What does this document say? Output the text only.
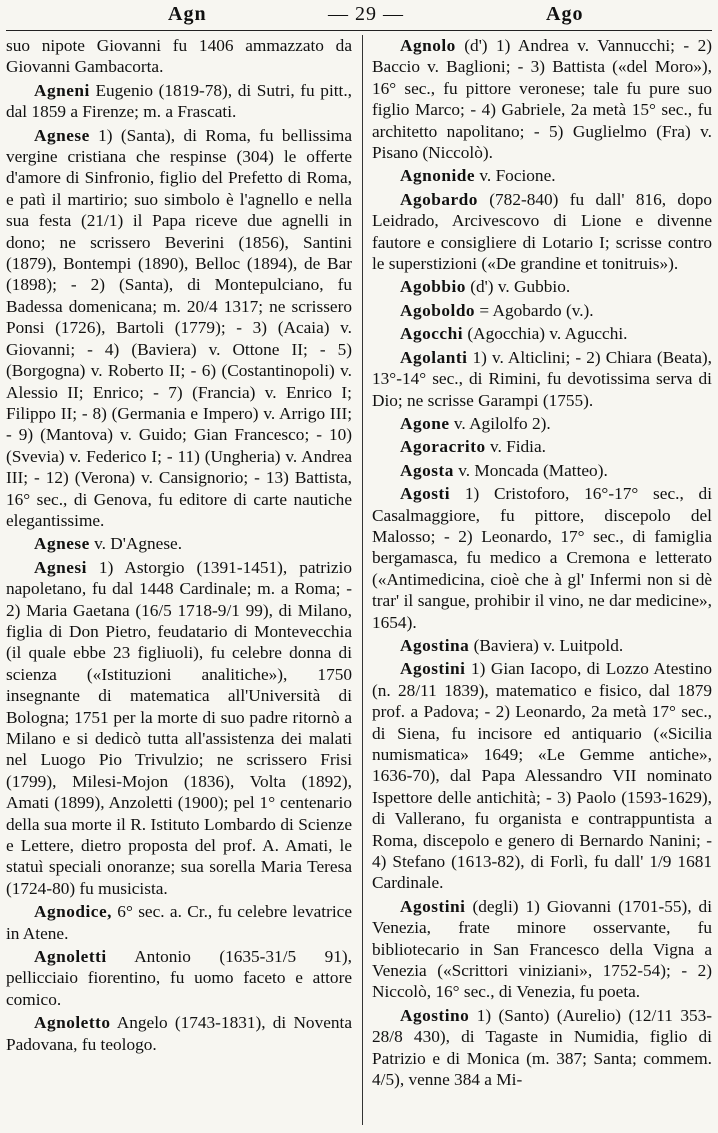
Agn	— 29 —	Ago

suo nipote Giovanni fu 1406 ammazzato da Giovanni Gambacorta.

Agneni Eugenio (1819-78), di Sutri, fu pitt., dal 1859 a Firenze; m. a Frascati.

Agnese 1) (Santa), di Roma, fu bellissima vergine cristiana che respinse (304) le offerte d'amore di Sinfronio, figlio del Prefetto di Roma, e patì il martirio; suo simbolo è l'agnello e nella sua festa (21/1) il Papa riceve due agnelli in dono; ne scrissero Beverini (1856), Santini (1879), Bontempi (1890), Belloc (1894), de Bar (1898); - 2) (Santa), di Montepulciano, fu Badessa domenicana; m. 20/4 1317; ne scrissero Ponsi (1726), Bartoli (1779); - 3) (Acaia) v. Giovanni; - 4) (Baviera) v. Ottone II; - 5) (Borgogna) v. Roberto II; - 6) (Costantinopoli) v. Alessio II; Enrico; - 7) (Francia) v. Enrico I; Filippo II; - 8) (Germania e Impero) v. Arrigo III; - 9) (Mantova) v. Guido; Gian Francesco; - 10) (Svevia) v. Federico I; - 11) (Ungheria) v. Andrea III; - 12) (Verona) v. Cansignorio; - 13) Battista, 16° sec., di Genova, fu editore di carte nautiche elegantissime.

Agnese v. D'Agnese.

Agnesi 1) Astorgio (1391-1451), patrizio napoletano, fu dal 1448 Cardinale; m. a Roma; - 2) Maria Gaetana (16/5 1718-9/1 99), di Milano, figlia di Don Pietro, feudatario di Montevecchia (il quale ebbe 23 figliuoli), fu celebre donna di scienza («Istituzioni analitiche»), 1750 insegnante di matematica all'Università di Bologna; 1751 per la morte di suo padre ritornò a Milano e si dedicò tutta all'assistenza dei malati nel Luogo Pio Trivulzio; ne scrissero Frisi (1799), Milesi-Mojon (1836), Volta (1892), Amati (1899), Anzoletti (1900); pel 1° centenario della sua morte il R. Istituto Lombardo di Scienze e Lettere, dietro proposta del prof. A. Amati, le statuì speciali onoranze; sua sorella Maria Teresa (1724-80) fu musicista.

Agnodice, 6° sec. a. Cr., fu celebre levatrice in Atene.

Agnoletti Antonio (1635-31/5 91), pellicciaio fiorentino, fu uomo faceto e attore comico.

Agnoletto Angelo (1743-1831), di Noventa Padovana, fu teologo.

Agnolo (d') 1) Andrea v. Vannucchi; - 2) Baccio v. Baglioni; - 3) Battista («del Moro»), 16° sec., fu pittore veronese; tale fu pure suo figlio Marco; - 4) Gabriele, 2a metà 15° sec., fu architetto napolitano; - 5) Guglielmo (Fra) v. Pisano (Niccolò).

Agnonide v. Focione.

Agobardo (782-840) fu dall' 816, dopo Leidrado, Arcivescovo di Lione e divenne fautore e consigliere di Lotario I; scrisse contro le superstizioni («De grandine et tonitruis»).

Agobbio (d') v. Gubbio.

Agoboldo = Agobardo (v.).

Agocchi (Agocchia) v. Agucchi.

Agolanti 1) v. Alticlini; - 2) Chiara (Beata), 13°-14° sec., di Rimini, fu devotissima serva di Dio; ne scrisse Garampi (1755).

Agone v. Agilolfo 2).

Agoracrito v. Fidia.

Agosta v. Moncada (Matteo).

Agosti 1) Cristoforo, 16°-17° sec., di Casalmaggiore, fu pittore, discepolo del Malosso; - 2) Leonardo, 17° sec., di famiglia bergamasca, fu medico a Cremona e letterato («Antimedicina, cioè che à gl' Infermi non si dè trar' il sangue, prohibir il vino, ne dar medicine», 1654).

Agostina (Baviera) v. Luitpold.

Agostini 1) Gian Iacopo, di Lozzo Atestino (n. 28/11 1839), matematico e fisico, dal 1879 prof. a Padova; - 2) Leonardo, 2a metà 17° sec., di Siena, fu incisore ed antiquario («Sicilia numismatica» 1649; «Le Gemme antiche», 1636-70), dal Papa Alessandro VII nominato Ispettore delle antichità; - 3) Paolo (1593-1629), di Vallerano, fu organista e contrappuntista a Roma, discepolo e genero di Bernardo Nanini; - 4) Stefano (1613-82), di Forlì, fu dall' 1/9 1681 Cardinale.

Agostini (degli) 1) Giovanni (1701-55), di Venezia, frate minore osservante, fu bibliotecario in San Francesco della Vigna a Venezia («Scrittori viniziani», 1752-54); - 2) Niccolò, 16° sec., di Venezia, fu poeta.

Agostino 1) (Santo) (Aurelio) (12/11 353-28/8 430), di Tagaste in Numidia, figlio di Patrizio e di Monica (m. 387; Santa; commem. 4/5), venne 384 a Mi-
